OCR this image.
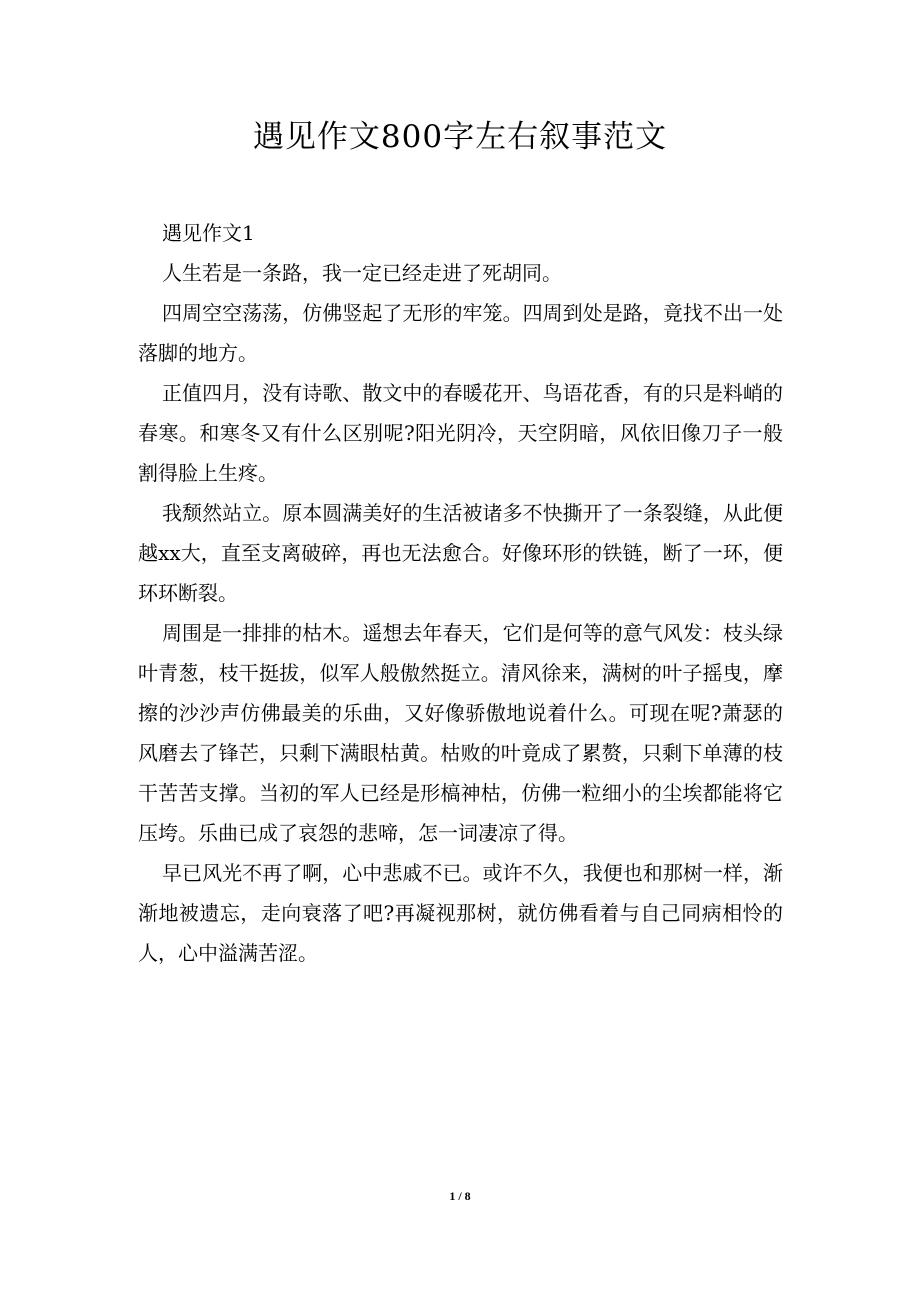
遇见作文800字左右叙事范文

遇见作文1

人生若是一条路，我一定已经走进了死胡同。

四周空空荡荡，仿佛竖起了无形的牢笼。四周到处是路，竟找不出一处落脚的地方。

正值四月，没有诗歌、散文中的春暖花开、鸟语花香，有的只是料峭的春寒。和寒冬又有什么区别呢?阳光阴冷，天空阴暗，风依旧像刀子一般割得脸上生疼。

我颓然站立。原本圆满美好的生活被诸多不快撕开了一条裂缝，从此便越xx大，直至支离破碎，再也无法愈合。好像环形的铁链，断了一环，便环环断裂。

周围是一排排的枯木。遥想去年春天，它们是何等的意气风发：枝头绿叶青葱，枝干挺拔，似军人般傲然挺立。清风徐来，满树的叶子摇曳，摩擦的沙沙声仿佛最美的乐曲，又好像骄傲地说着什么。可现在呢?萧瑟的风磨去了锋芒，只剩下满眼枯黄。枯败的叶竟成了累赘，只剩下单薄的枝干苦苦支撑。当初的军人已经是形槁神枯，仿佛一粒细小的尘埃都能将它压垮。乐曲已成了哀怨的悲啼，怎一词凄凉了得。

早已风光不再了啊，心中悲戚不已。或许不久，我便也和那树一样，渐渐地被遗忘，走向衰落了吧?再凝视那树，就仿佛看着与自己同病相怜的人，心中溢满苦涩。

1 / 8
